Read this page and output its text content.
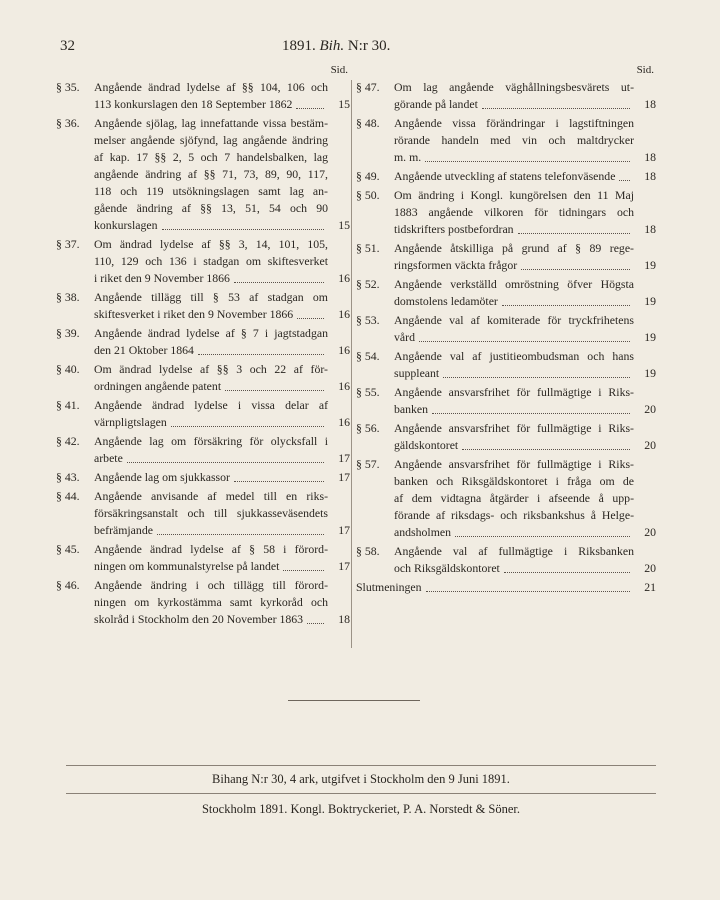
32	1891. Bih. N:r 30.
Sid.
§ 35.	Angående ändrad lydelse af §§ 104, 106 och
113 konkurslagen den 18 September 1862	15
§ 36.	Angående sjölag, lag innefattande vissa bestäm-
melser angående sjöfynd, lag angående ändring
af kap. 17 §§ 2, 5 och 7 handelsbalken, lag
angående ändring af §§ 71, 73, 89, 90, 117,
118 och 119 utsökningslagen samt lag an-
gående ändring af §§ 13, 51, 54 och 90
konkurslagen	15
§ 37.	Om ändrad lydelse af §§ 3, 14, 101, 105,
110, 129 och 136 i stadgan om skiftesverket
i riket den 9 November 1866	16
§ 38.	Angående tillägg till § 53 af stadgan om
skiftesverket i riket den 9 November 1866	16
§ 39.	Angående ändrad lydelse af § 7 i jagtstadgan
den 21 Oktober 1864	16
§ 40.	Om ändrad lydelse af §§ 3 och 22 af för-
ordningen angående patent	16
§ 41.	Angående ändrad lydelse i vissa delar af
värnpligtslagen	16
§ 42.	Angående lag om försäkring för olycksfall i
arbete	17
§ 43.	Angående lag om sjukkassor	17
§ 44.	Angående anvisande af medel till en riks-
försäkringsanstalt och till sjukkasseväsendets
befrämjande	17
§ 45.	Angående ändrad lydelse af § 58 i förord-
ningen om kommunalstyrelse på landet	17
§ 46.	Angående ändring i och tillägg till förord-
ningen om kyrkostämma samt kyrkoråd och
skolråd i Stockholm den 20 November 1863	18
Sid.
§ 47.	Om lag angående väghållningsbesvärets ut-
görande på landet	18
§ 48.	Angående vissa förändringar i lagstiftningen
rörande handeln med vin och maltdrycker
m. m.	18
§ 49.	Angående utveckling af statens telefonväsende	18
§ 50.	Om ändring i Kongl. kungörelsen den 11 Maj
1883 angående vilkoren för tidningars och
tidskrifters postbefordran	18
§ 51.	Angående åtskilliga på grund af § 89 rege-
ringsformen väckta frågor	19
§ 52.	Angående verkställd omröstning öfver Högsta
domstolens ledamöter	19
§ 53.	Angående val af komiterade för tryckfrihetens
vård	19
§ 54.	Angående val af justitieombudsman och hans
suppleant	19
§ 55.	Angående ansvarsfrihet för fullmägtige i Riks-
banken	20
§ 56.	Angående ansvarsfrihet för fullmägtige i Riks-
gäldskontoret	20
§ 57.	Angående ansvarsfrihet för fullmägtige i Riks-
banken och Riksgäldskontoret i fråga om de
af dem vidtagna åtgärder i afseende å upp-
förande af riksdags- och riksbankshus å Helge-
andsholmen	20
§ 58.	Angående val af fullmägtige i Riksbanken
och Riksgäldskontoret	20
Slutmeningen	21
Bihang N:r 30, 4 ark, utgifvet i Stockholm den 9 Juni 1891.
Stockholm 1891. Kongl. Boktryckeriet, P. A. Norstedt & Söner.
